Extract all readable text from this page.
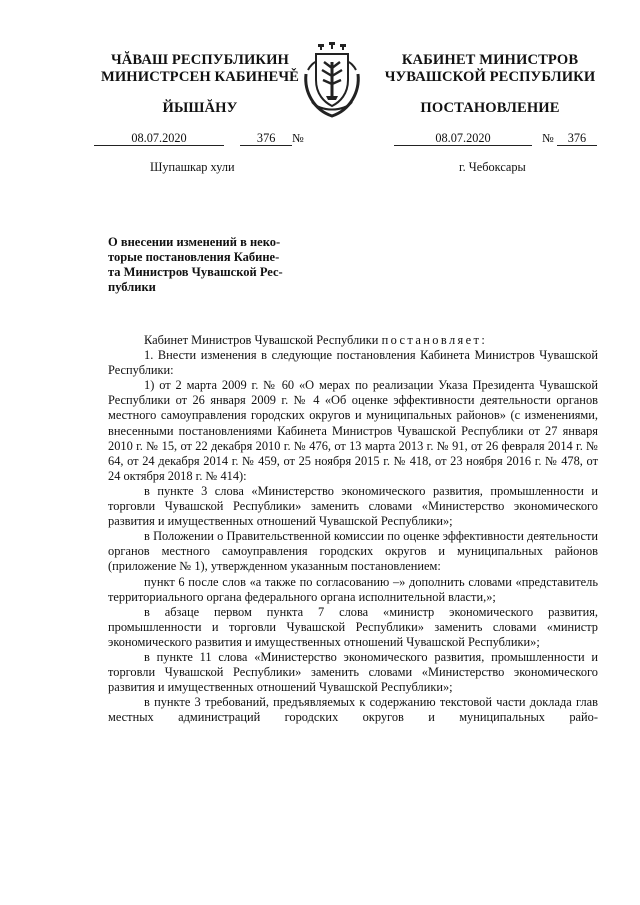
ЧĂВАШ РЕСПУБЛИКИН
МИНИСТРСЕН КАБИНЕЧĚ
ЙЫШĂНУ
КАБИНЕТ МИНИСТРОВ
ЧУВАШСКОЙ РЕСПУБЛИКИ
ПОСТАНОВЛЕНИЕ
08.07.2020	376 №	08.07.2020	№ 376
Шупашкар хули	г. Чебоксары
О внесении изменений в неко-
торые постановления Кабине-
та Министров Чувашской Рес-
публики

Кабинет Министров Чувашской Республики постановляет:

1. Внести изменения в следующие постановления Кабинета Министров Чувашской Республики:

1) от 2 марта 2009 г. № 60 «О мерах по реализации Указа Президента Чувашской Республики от 26 января 2009 г. № 4 «Об оценке эффективности деятельности органов местного самоуправления городских округов и муниципальных районов» (с изменениями, внесенными постановлениями Кабинета Министров Чувашской Республики от 27 января 2010 г. № 15, от 22 декабря 2010 г. № 476, от 13 марта 2013 г. № 91, от 26 февраля 2014 г. № 64, от 24 декабря 2014 г. № 459, от 25 ноября 2015 г. № 418, от 23 ноября 2016 г. № 478, от 24 октября 2018 г. № 414):

в пункте 3 слова «Министерство экономического развития, промышленности и торговли Чувашской Республики» заменить словами «Министерство экономического развития и имущественных отношений Чувашской Республики»;

в Положении о Правительственной комиссии по оценке эффективности деятельности органов местного самоуправления городских округов и муниципальных районов (приложение № 1), утвержденном указанным постановлением:

пункт 6 после слов «а также по согласованию –» дополнить словами «представитель территориального органа федерального органа исполнительной власти,»;

в абзаце первом пункта 7 слова «министр экономического развития, промышленности и торговли Чувашской Республики» заменить словами «министр экономического развития и имущественных отношений Чувашской Республики»;

в пункте 11 слова «Министерство экономического развития, промышленности и торговли Чувашской Республики» заменить словами «Министерство экономического развития и имущественных отношений Чувашской Республики»;

в пункте 3 требований, предъявляемых к содержанию текстовой части доклада глав местных администраций городских округов и муниципальных райо-
